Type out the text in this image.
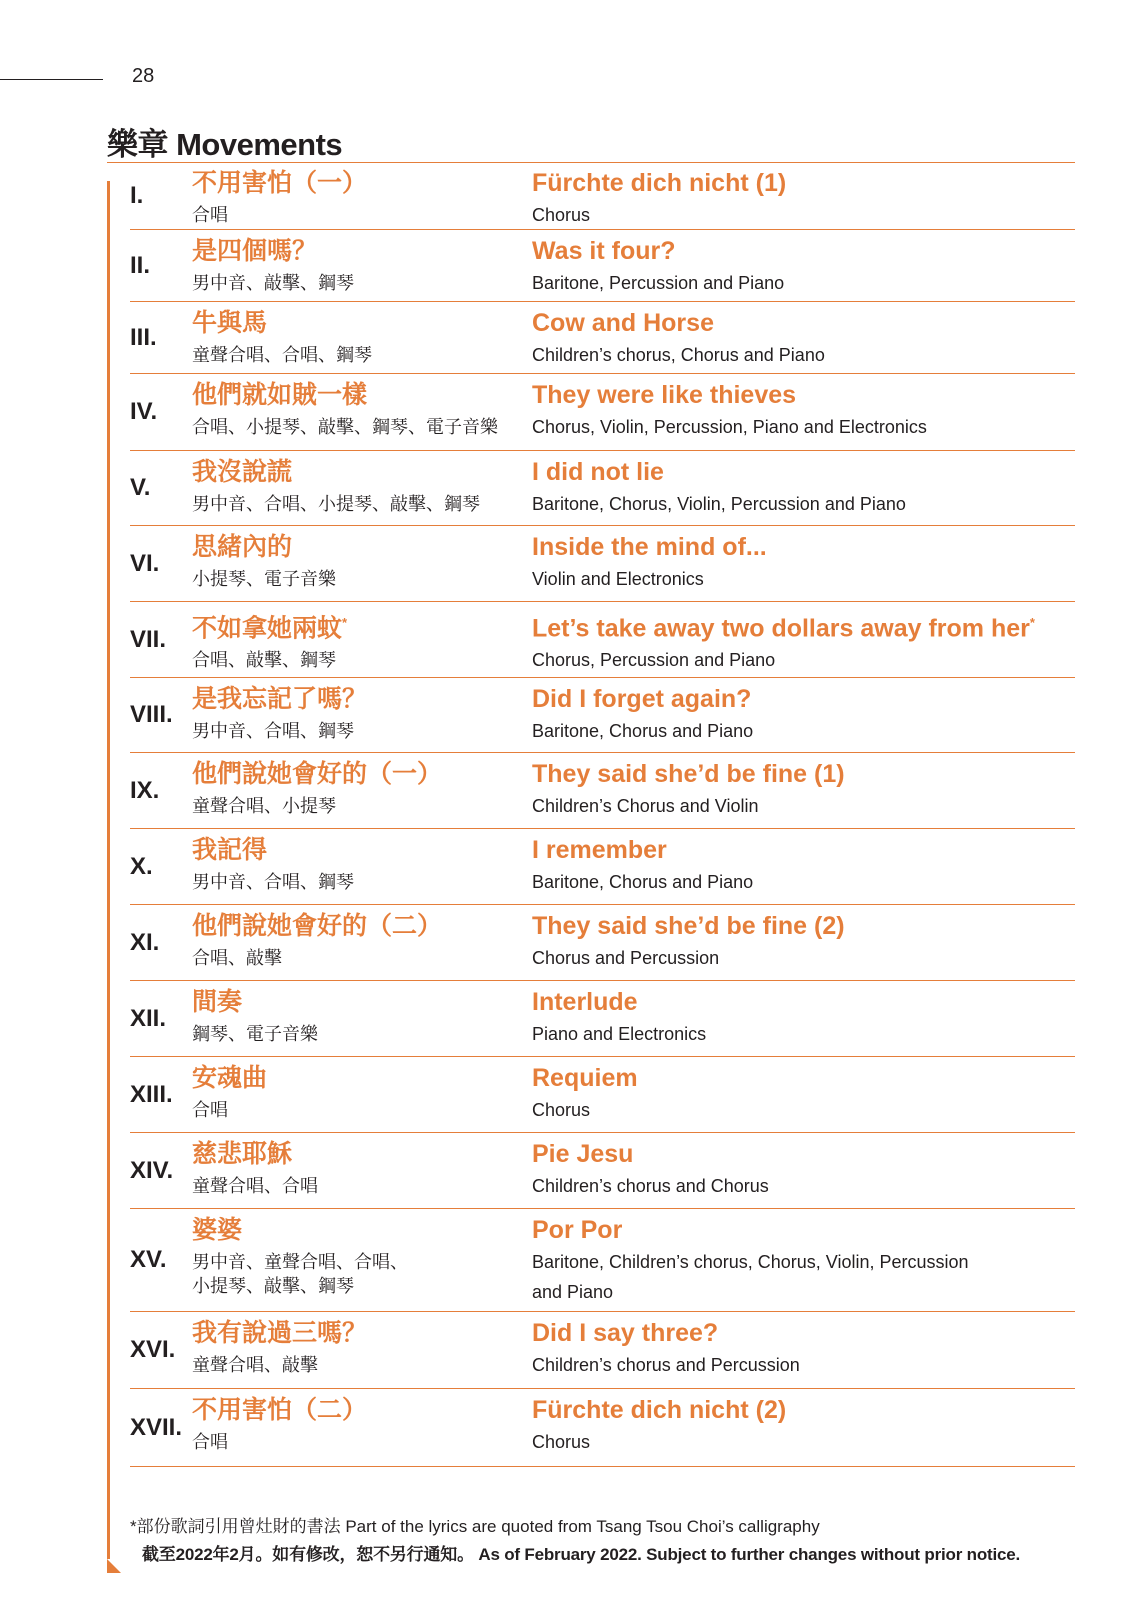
28
樂章 Movements
I. 不用害怕（一）
合唱
Fürchte dich nicht (1)
Chorus
II. 是四個嗎？
男中音、敲擊、鋼琴
Was it four?
Baritone, Percussion and Piano
III. 牛與馬
童聲合唱、合唱、鋼琴
Cow and Horse
Children’s chorus, Chorus and Piano
IV.
他們就如賊一樣
合唱、小提琴、敲擊、鋼琴、電子音樂
They were like thieves
Chorus, Violin, Percussion, Piano and Electronics
V.
我沒說謊
男中音、合唱、小提琴、敲擊、鋼琴
I did not lie
Baritone, Chorus, Violin, Percussion and Piano
VI.
思緒內的
小提琴、電子音樂
Inside the mind of...
Violin and Electronics
VII. 不如拿她兩蚊*
合唱、敲擊、鋼琴
Let’s take away two dollars away from her*
Chorus, Percussion and Piano
VIII.
是我忘記了嗎？
男中音、合唱、鋼琴
Did I forget again?
Baritone, Chorus and Piano
IX.
他們說她會好的（一）
童聲合唱、小提琴
They said she’d be fine (1)
Children’s Chorus and Violin
X.
我記得
男中音、合唱、鋼琴
I remember
Baritone, Chorus and Piano
XI.
他們說她會好的（二）
合唱、敲擊
They said she’d be fine (2)
Chorus and Percussion
XII.
間奏
鋼琴、電子音樂
Interlude
Piano and Electronics
XIII.
安魂曲
合唱
Requiem
Chorus
XIV.
慈悲耶穌
童聲合唱、合唱
Pie Jesu
Children’s chorus and Chorus
XV.
婆婆
男中音、童聲合唱、合唱、
小提琴、敲擊、鋼琴
Por Por
Baritone, Children’s chorus, Chorus, Violin, Percussion
and Piano
XVI.
我有說過三嗎？
童聲合唱、敲擊
Did I say three?
Children’s chorus and Percussion
XVII.
不用害怕（二）
合唱
Fürchte dich nicht (2)
Chorus
*部份歌詞引用曾灶財的書法 Part of the lyrics are quoted from Tsang Tsou Choi’s calligraphy
截至2022年2月。如有修改，恕不另行通知。 As of February 2022. Subject to further changes without prior notice.
